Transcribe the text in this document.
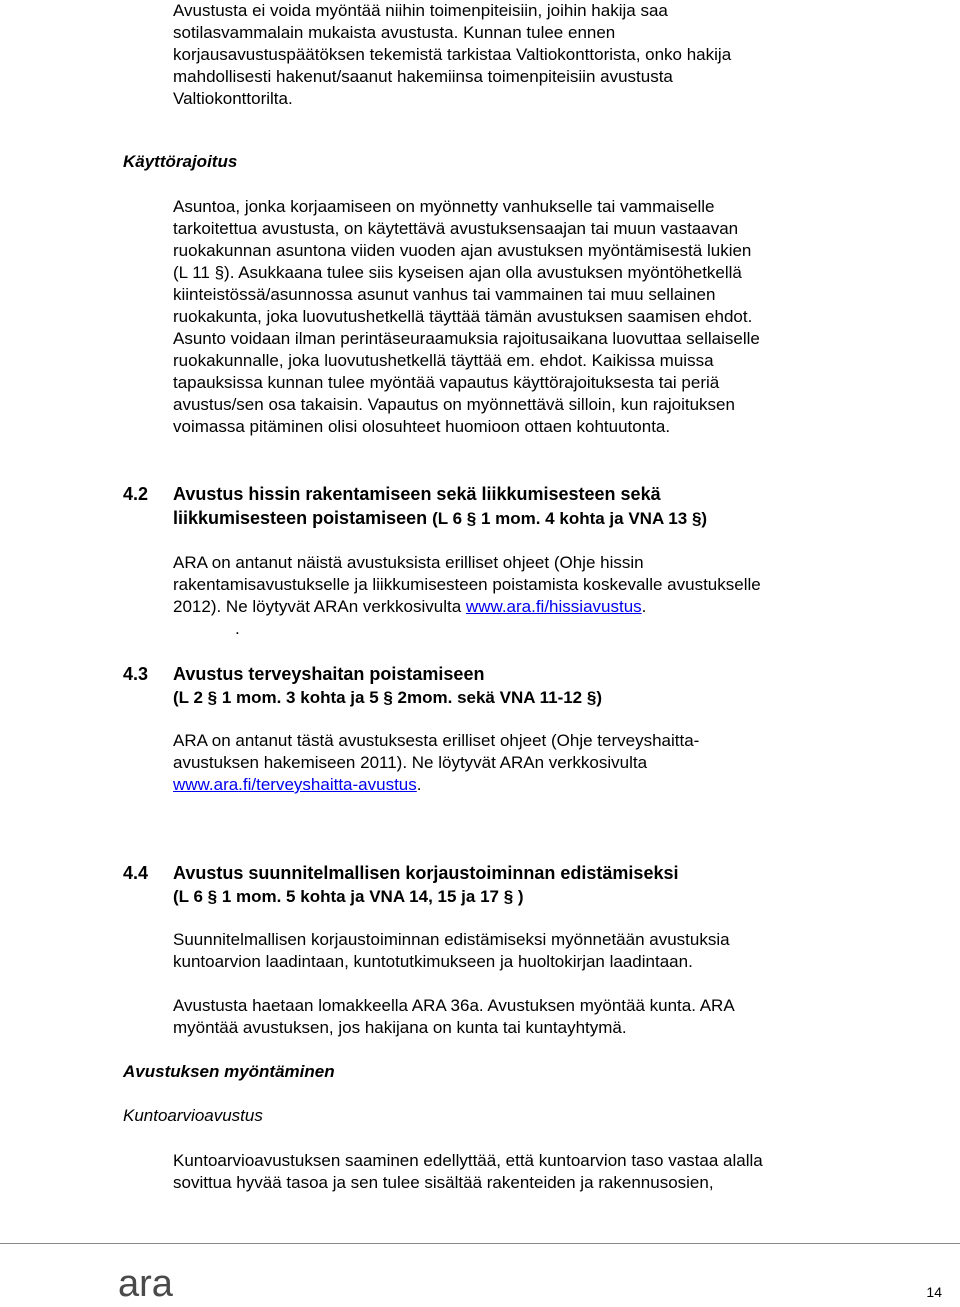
Avustusta ei voida myöntää niihin toimenpiteisiin, joihin hakija saa

sotilasvammalain mukaista avustusta. Kunnan tulee ennen

korjausavustuspäätöksen tekemistä tarkistaa Valtiokonttorista, onko hakija

mahdollisesti hakenut/saanut hakemiinsa toimenpiteisiin avustusta

Valtiokonttorilta.

Käyttörajoitus

Asuntoa, jonka korjaamiseen on myönnetty vanhukselle tai vammaiselle

tarkoitettua avustusta, on käytettävä avustuksensaajan tai muun vastaavan

ruokakunnan asuntona viiden vuoden ajan avustuksen myöntämisestä lukien

(L 11 §). Asukkaana tulee siis kyseisen ajan olla avustuksen myöntöhetkellä

kiinteistössä/asunnossa asunut vanhus tai vammainen tai muu sellainen

ruokakunta, joka luovutushetkellä täyttää tämän avustuksen saamisen ehdot.

Asunto voidaan ilman perintäseuraamuksia rajoitusaikana luovuttaa sellaiselle

ruokakunnalle, joka luovutushetkellä täyttää em. ehdot. Kaikissa muissa

tapauksissa kunnan tulee myöntää vapautus käyttörajoituksesta tai periä

avustus/sen osa takaisin. Vapautus on myönnettävä silloin, kun rajoituksen

voimassa pitäminen olisi olosuhteet huomioon ottaen kohtuutonta.

4.2 Avustus hissin rakentamiseen sekä liikkumisesteen sekä
liikkumisesteen poistamiseen (L 6 § 1 mom. 4 kohta ja VNA 13 §)

ARA on antanut näistä avustuksista erilliset ohjeet (Ohje hissin

rakentamisavustukselle ja liikkumisesteen poistamista koskevalle avustukselle

2012). Ne löytyvät ARAn verkkosivulta www.ara.fi/hissiavustus.

.

4.3 Avustus terveyshaitan poistamiseen
(L 2 § 1 mom. 3 kohta ja 5 § 2mom. sekä VNA 11-12 §)

ARA on antanut tästä avustuksesta erilliset ohjeet (Ohje terveyshaitta-

avustuksen hakemiseen 2011). Ne löytyvät ARAn verkkosivulta

www.ara.fi/terveyshaitta-avustus.

4.4 Avustus suunnitelmallisen korjaustoiminnan edistämiseksi
(L 6 § 1 mom. 5 kohta ja VNA 14, 15 ja 17 § )

Suunnitelmallisen korjaustoiminnan edistämiseksi myönnetään avustuksia

kuntoarvion laadintaan, kuntotutkimukseen ja huoltokirjan laadintaan.

Avustusta haetaan lomakkeella ARA 36a. Avustuksen myöntää kunta. ARA

myöntää avustuksen, jos hakijana on kunta tai kuntayhtymä.

Avustuksen myöntäminen
Kuntoarvioavustus

Kuntoarvioavustuksen saaminen edellyttää, että kuntoarvion taso vastaa alalla

sovittua hyvää tasoa ja sen tulee sisältää rakenteiden ja rakennusosien,

ara	14
